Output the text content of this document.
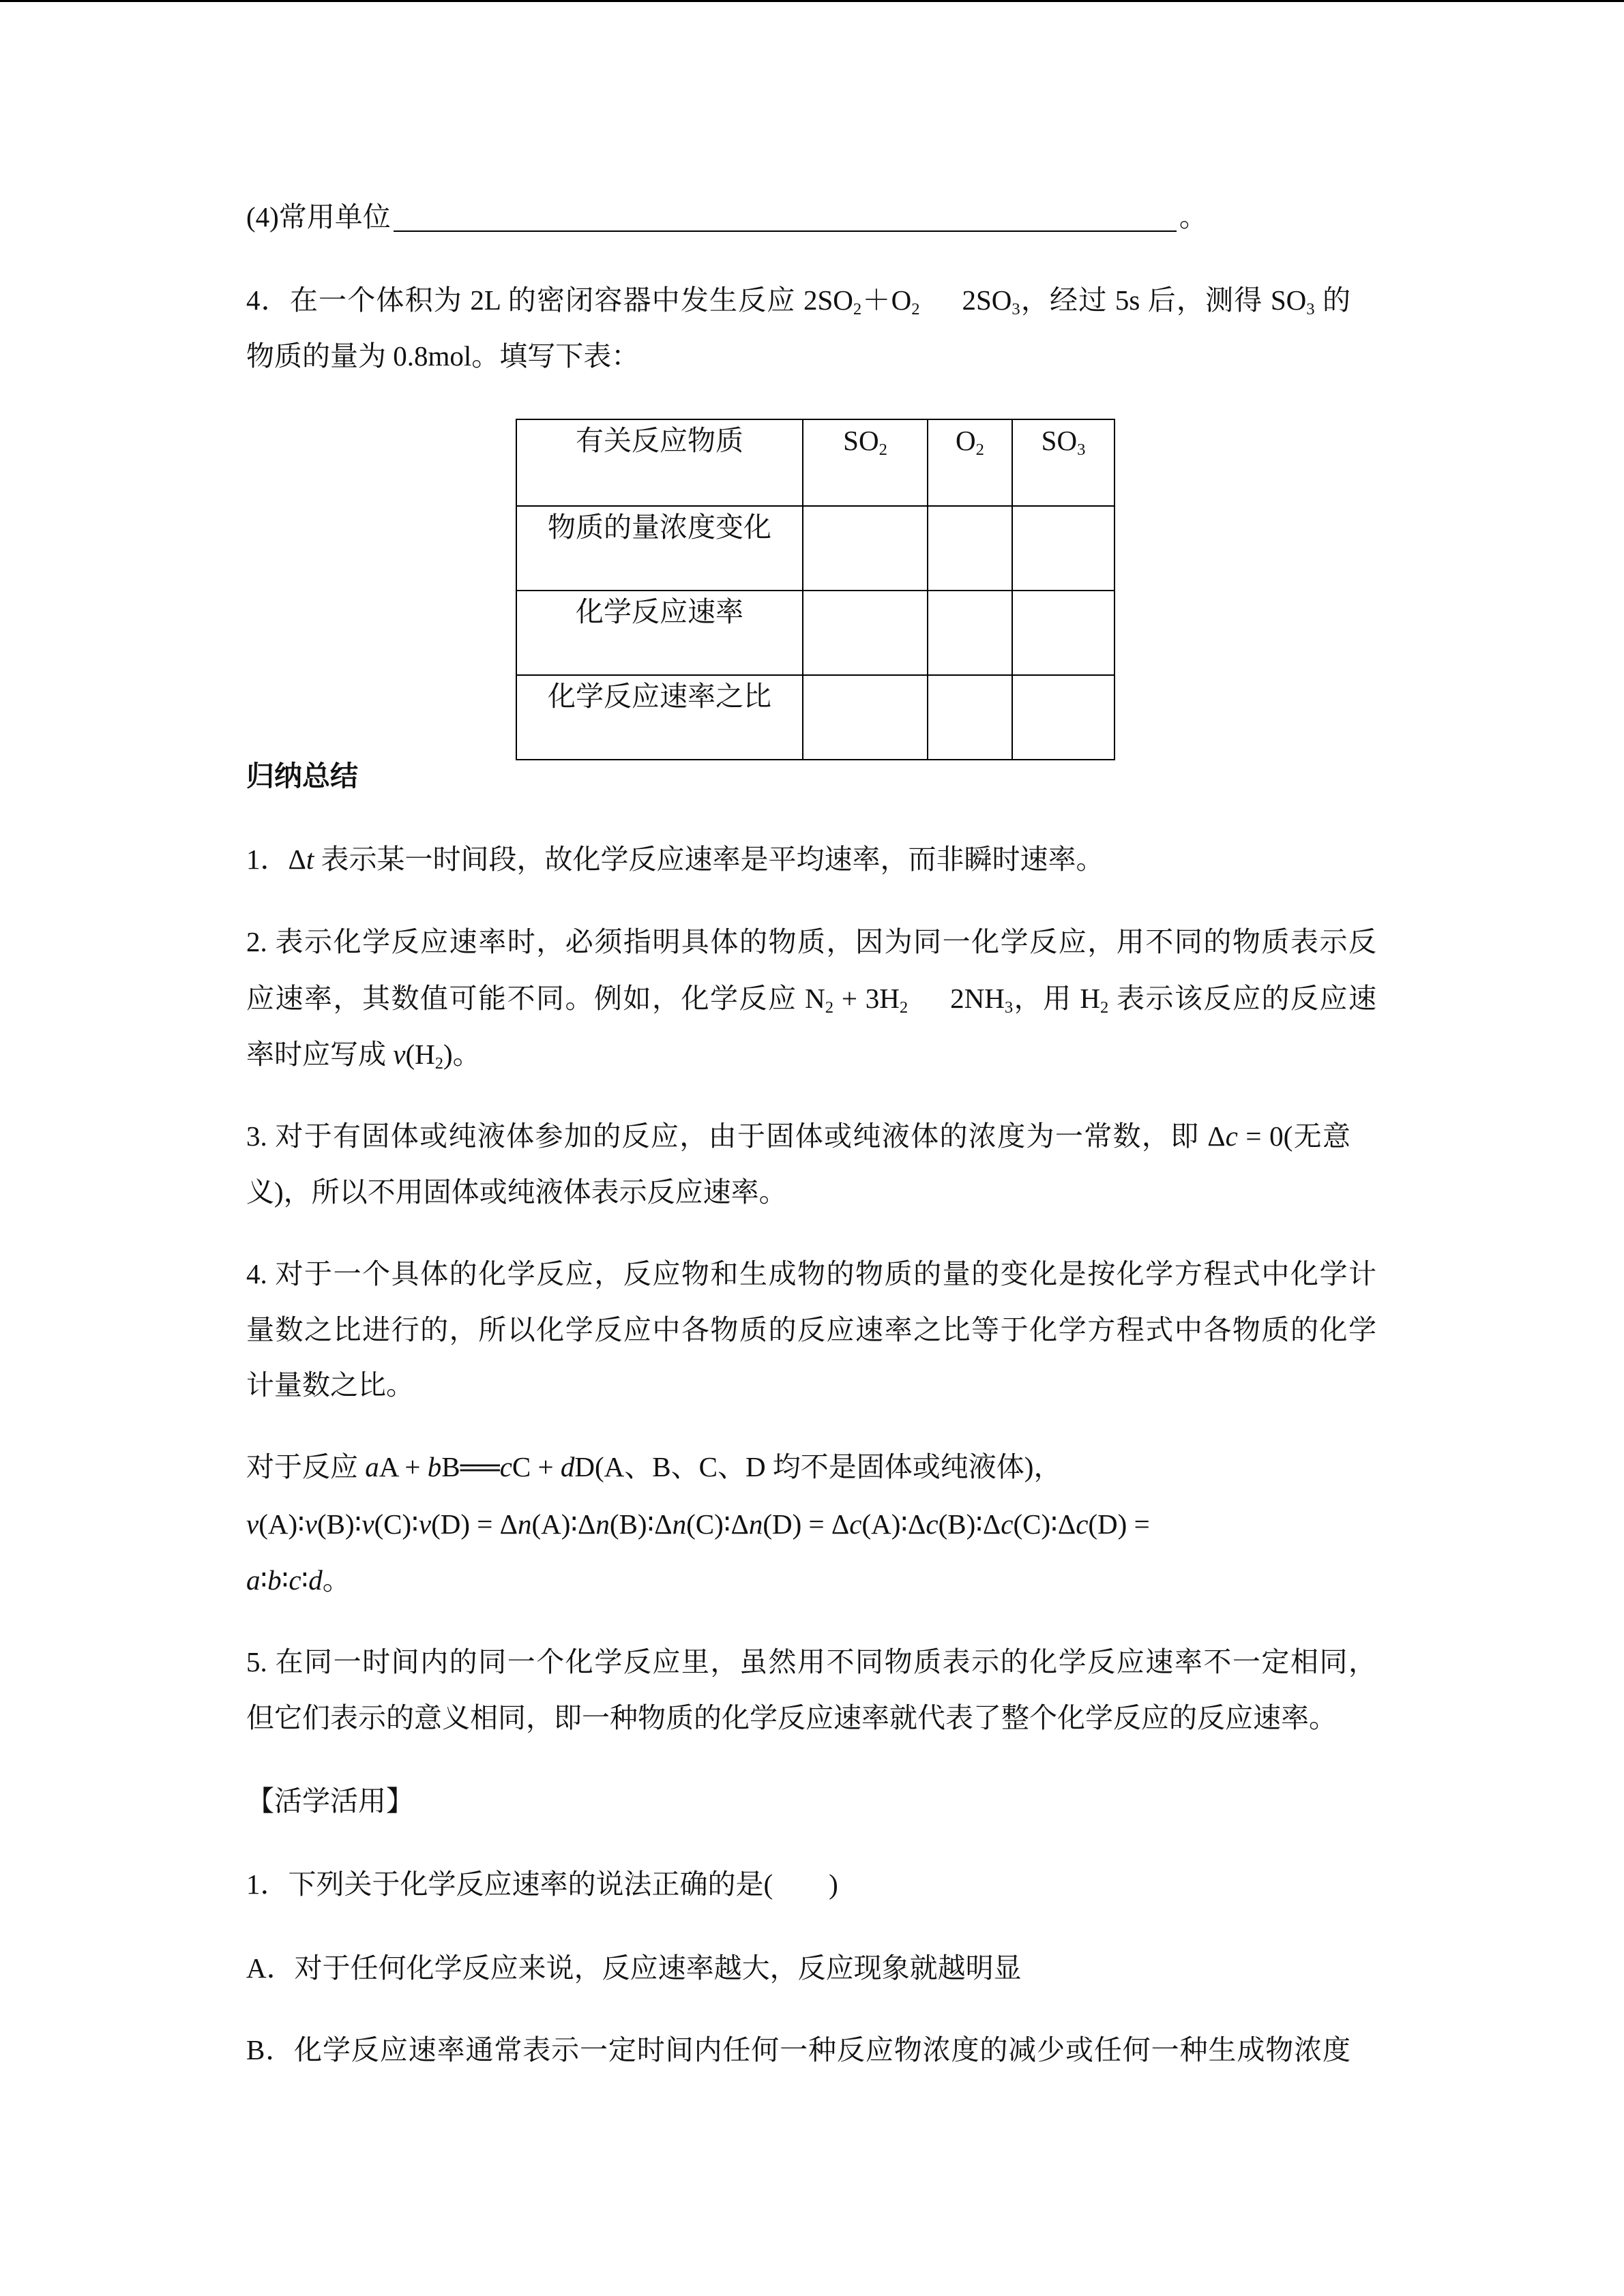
(4)常用单位	。
4．在一个体积为 2L 的密闭容器中发生反应 $2SO_2+O_2$ $2SO_3$，经过 5s 后，测得 $SO_3$ 的
物质的量为 0.8mol。填写下表：
有关反应物质	$SO_2$	$O_2$	$SO_3$
物质的量浓度变化			
化学反应速率			
化学反应速率之比			
归纳总结
1．Δt 表示某一时间段，故化学反应速率是平均速率，而非瞬时速率。
2. 表示化学反应速率时，必须指明具体的物质，因为同一化学反应，用不同的物质表示反
应速率，其数值可能不同。例如，化学反应 $N_2 + 3H_2$ $2NH_3$，用 $H_2$ 表示该反应的反应速
率时应写成 $v(H_2)$。
3. 对于有固体或纯液体参加的反应，由于固体或纯液体的浓度为一常数，即 Δc = 0(无意
义)，所以不用固体或纯液体表示反应速率。
4. 对于一个具体的化学反应，反应物和生成物的物质的量的变化是按化学方程式中化学计
量数之比进行的，所以化学反应中各物质的反应速率之比等于化学方程式中各物质的化学
计量数之比。
对于反应 aA + bB══cC + dD(A、B、C、D 均不是固体或纯液体)，
v(A)∶v(B)∶v(C)∶v(D) = Δn(A)∶Δn(B)∶Δn(C)∶Δn(D) = Δc(A)∶Δc(B)∶Δc(C)∶Δc(D) =
a∶b∶c∶d。
5. 在同一时间内的同一个化学反应里，虽然用不同物质表示的化学反应速率不一定相同，
但它们表示的意义相同，即一种物质的化学反应速率就代表了整个化学反应的反应速率。
【活学活用】
1．下列关于化学反应速率的说法正确的是(　　)
A．对于任何化学反应来说，反应速率越大，反应现象就越明显
B．化学反应速率通常表示一定时间内任何一种反应物浓度的减少或任何一种生成物浓度
